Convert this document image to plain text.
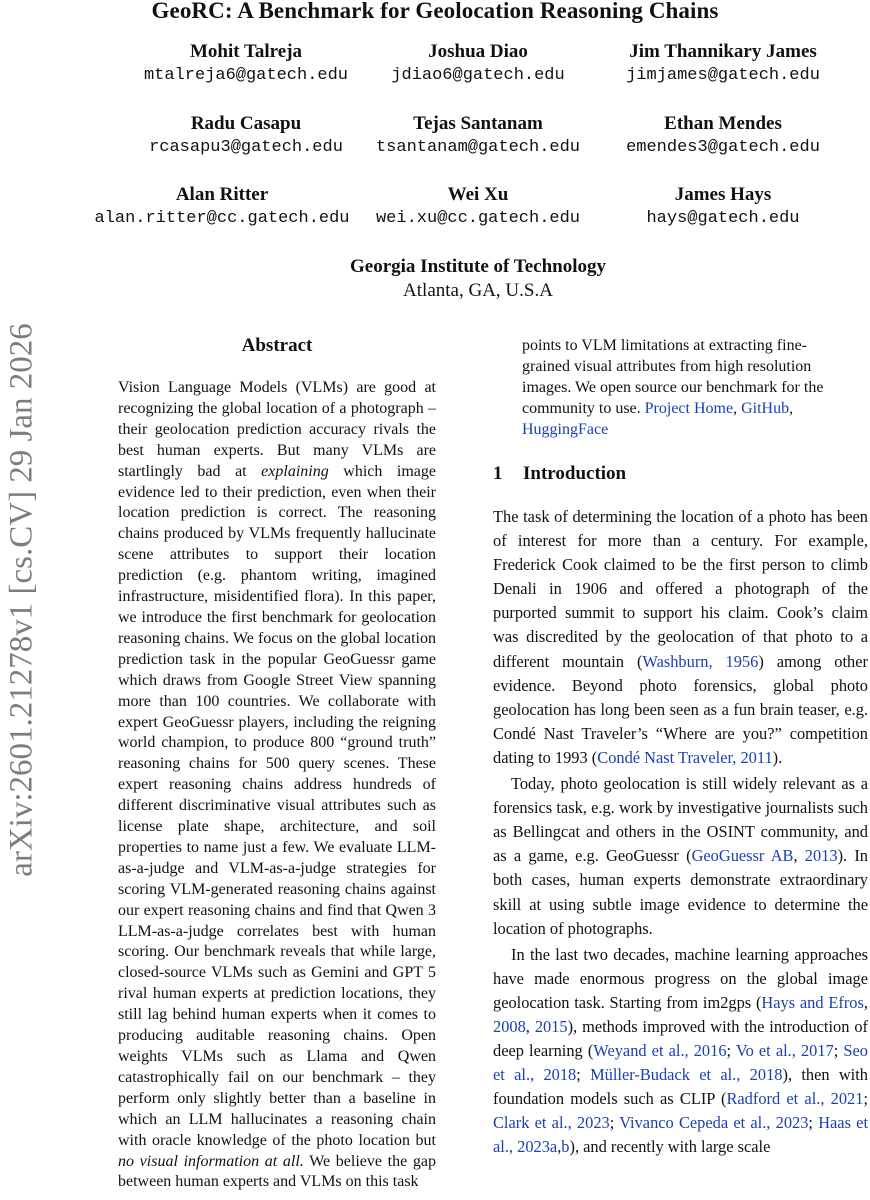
GeoRC: A Benchmark for Geolocation Reasoning Chains
Mohit Talreja
mtalreja6@gatech.edu
Joshua Diao
jdiao6@gatech.edu
Jim Thannikary James
jimjames@gatech.edu
Radu Casapu
rcasapu3@gatech.edu
Tejas Santanam
tsantanam@gatech.edu
Ethan Mendes
emendes3@gatech.edu
Alan Ritter
alan.ritter@cc.gatech.edu
Wei Xu
wei.xu@cc.gatech.edu
James Hays
hays@gatech.edu
Georgia Institute of Technology
Atlanta, GA, U.S.A
arXiv:2601.21278v1 [cs.CV] 29 Jan 2026	Abstract
Vision Language Models (VLMs) are good at recognizing the global location of a photograph – their geolocation prediction accuracy rivals the best human experts. But many VLMs are startlingly bad at explaining which image evidence led to their prediction, even when their location prediction is correct. The reasoning chains produced by VLMs frequently hallucinate scene attributes to support their location prediction (e.g. phantom writing, imagined infrastructure, misidentified flora). In this paper, we introduce the first benchmark for geolocation reasoning chains. We focus on the global location prediction task in the popular GeoGuessr game which draws from Google Street View spanning more than 100 countries. We collaborate with expert GeoGuessr players, including the reigning world champion, to produce 800 “ground truth” reasoning chains for 500 query scenes. These expert reasoning chains address hundreds of different discriminative visual attributes such as license plate shape, architecture, and soil properties to name just a few. We evaluate LLM-as-a-judge and VLM-as-a-judge strategies for scoring VLM-generated reasoning chains against our expert reasoning chains and find that Qwen 3 LLM-as-a-judge correlates best with human scoring. Our benchmark reveals that while large, closed-source VLMs such as Gemini and GPT 5 rival human experts at prediction locations, they still lag behind human experts when it comes to producing auditable reasoning chains. Open weights VLMs such as Llama and Qwen catastrophically fail on our benchmark – they perform only slightly better than a baseline in which an LLM hallucinates a reasoning chain with oracle knowledge of the photo location but no visual information at all. We believe the gap between human experts and VLMs on this task
points to VLM limitations at extracting fine-grained visual attributes from high resolution images. We open source our benchmark for the community to use. Project Home, GitHub, HuggingFace
1 Introduction

The task of determining the location of a photo has been of interest for more than a century. For example, Frederick Cook claimed to be the first person to climb Denali in 1906 and offered a photograph of the purported summit to support his claim. Cook’s claim was discredited by the geolocation of that photo to a different mountain (Washburn, 1956) among other evidence. Beyond photo forensics, global photo geolocation has long been seen as a fun brain teaser, e.g. Condé Nast Traveler’s “Where are you?” competition dating to 1993 (Condé Nast Traveler, 2011).

Today, photo geolocation is still widely relevant as a forensics task, e.g. work by investigative journalists such as Bellingcat and others in the OSINT community, and as a game, e.g. GeoGuessr (GeoGuessr AB, 2013). In both cases, human experts demonstrate extraordinary skill at using subtle image evidence to determine the location of photographs.

In the last two decades, machine learning approaches have made enormous progress on the global image geolocation task. Starting from im2gps (Hays and Efros, 2008, 2015), methods improved with the introduction of deep learning (Weyand et al., 2016; Vo et al., 2017; Seo et al., 2018; Müller-Budack et al., 2018), then with foundation models such as CLIP (Radford et al., 2021; Clark et al., 2023; Vivanco Cepeda et al., 2023; Haas et al., 2023a,b), and recently with large scale
